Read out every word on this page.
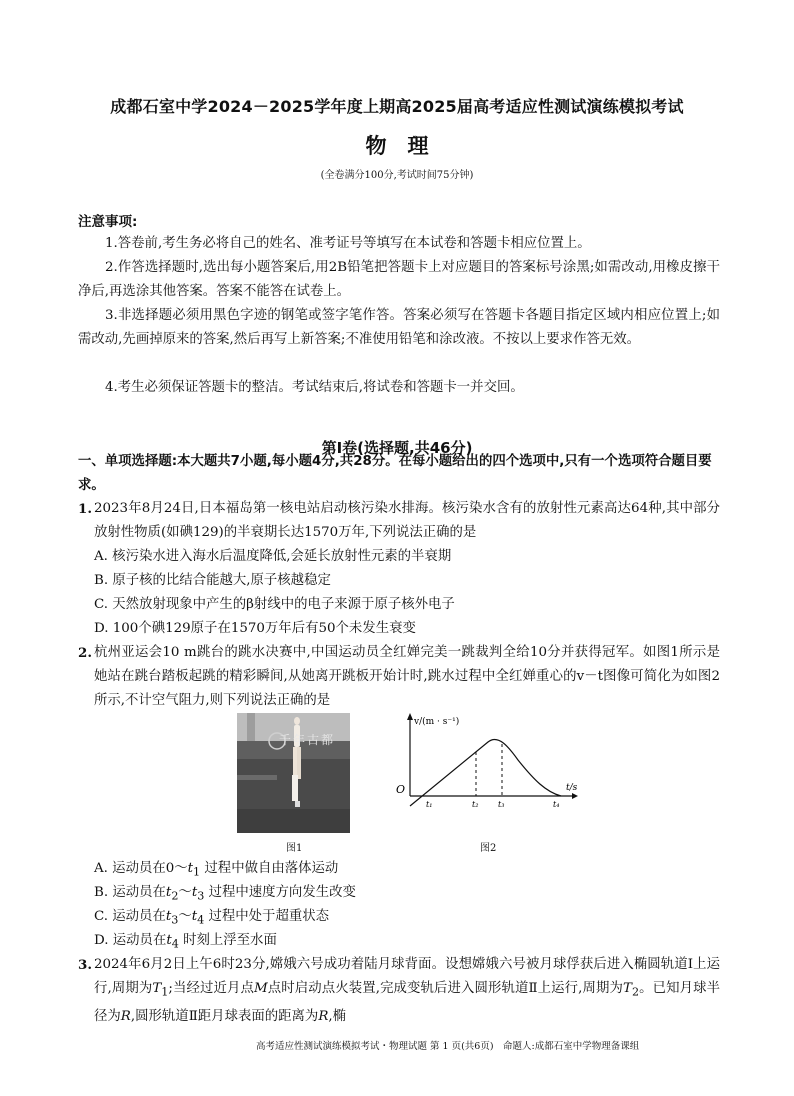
成都石室中学2024－2025学年度上期高2025届高考适应性测试演练模拟考试
物　理
(全卷满分100分,考试时间75分钟)
注意事项:
1.答卷前,考生务必将自己的姓名、准考证号等填写在本试卷和答题卡相应位置上。
2.作答选择题时,选出每小题答案后,用2B铅笔把答题卡上对应题目的答案标号涂黑;如需改动,用橡皮擦干净后,再选涂其他答案。答案不能答在试卷上。
3.非选择题必须用黑色字迹的钢笔或签字笔作答。答案必须写在答题卡各题目指定区域内相应位置上;如需改动,先画掉原来的答案,然后再写上新答案;不准使用铅笔和涂改液。不按以上要求作答无效。
4.考生必须保证答题卡的整洁。考试结束后,将试卷和答题卡一并交回。
第Ⅰ卷(选择题,共46分)
一、单项选择题:本大题共7小题,每小题4分,共28分。在每小题给出的四个选项中,只有一个选项符合题目要求。
1. 2023年8月24日,日本福岛第一核电站启动核污染水排海。核污染水含有的放射性元素高达64种,其中部分放射性物质(如碘129)的半衰期长达1570万年,下列说法正确的是
A. 核污染水进入海水后温度降低,会延长放射性元素的半衰期
B. 原子核的比结合能越大,原子核越稳定
C. 天然放射现象中产生的β射线中的电子来源于原子核外电子
D. 100个碘129原子在1570万年后有50个未发生衰变
2. 杭州亚运会10 m跳台的跳水决赛中,中国运动员全红婵完美一跳裁判全给10分并获得冠军。如图1所示是她站在跳台踏板起跳的精彩瞬间,从她离开跳板开始计时,跳水过程中全红婵重心的v－t图像可简化为如图2所示,不计空气阻力,则下列说法正确的是
千年古都
图1
O
v/(m · s⁻¹)
t/s
t₁	t₂ t₃	t₄
图2
A. 运动员在$0\sim t_1$ 过程中做自由落体运动
B. 运动员在$t_2\sim t_3$ 过程中速度方向发生改变
C. 运动员在$t_3\sim t_4$ 过程中处于超重状态
D. 运动员在$t_4$ 时刻上浮至水面
3. 2024年6月2日上午6时23分,嫦娥六号成功着陆月球背面。设想嫦娥六号被月球俘获后进入椭圆轨道Ⅰ上运行,周期为$T_1$;当经过近月点M点时启动点火装置,完成变轨后进入圆形轨道Ⅱ上运行,周期为$T_2$。已知月球半径为R,圆形轨道Ⅱ距月球表面的距离为R,椭
高考适应性测试演练模拟考试・物理试题 第 1 页(共6页)　命题人:成都石室中学物理备课组
